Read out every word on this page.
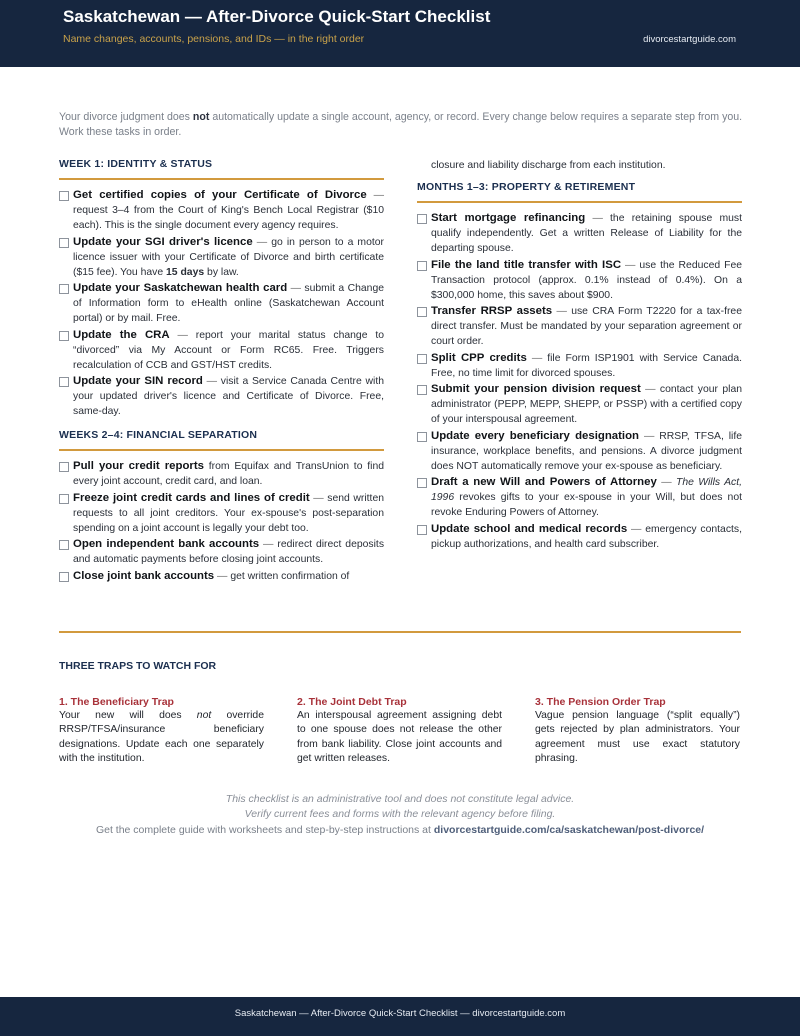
Saskatchewan — After-Divorce Quick-Start Checklist
Name changes, accounts, pensions, and IDs — in the right order	divorcestartguide.com
Your divorce judgment does not automatically update a single account, agency, or record. Every change below requires a separate step from you. Work these tasks in order.
WEEK 1: IDENTITY & STATUS
Get certified copies of your Certificate of Divorce — request 3–4 from the Court of King's Bench Local Registrar ($10 each). This is the single document every agency requires.
Update your SGI driver's licence — go in person to a motor licence issuer with your Certificate of Divorce and birth certificate ($15 fee). You have 15 days by law.
Update your Saskatchewan health card — submit a Change of Information form to eHealth online (Saskatchewan Account portal) or by mail. Free.
Update the CRA — report your marital status change to “divorced” via My Account or Form RC65. Free. Triggers recalculation of CCB and GST/HST credits.
Update your SIN record — visit a Service Canada Centre with your updated driver's licence and Certificate of Divorce. Free, same-day.
WEEKS 2–4: FINANCIAL SEPARATION
Pull your credit reports from Equifax and TransUnion to find every joint account, credit card, and loan.
Freeze joint credit cards and lines of credit — send written requests to all joint creditors. Your ex-spouse's post-separation spending on a joint account is legally your debt too.
Open independent bank accounts — redirect direct deposits and automatic payments before closing joint accounts.
Close joint bank accounts — get written confirmation of
closure and liability discharge from each institution.
MONTHS 1–3: PROPERTY & RETIREMENT
Start mortgage refinancing — the retaining spouse must qualify independently. Get a written Release of Liability for the departing spouse.
File the land title transfer with ISC — use the Reduced Fee Transaction protocol (approx. 0.1% instead of 0.4%). On a $300,000 home, this saves about $900.
Transfer RRSP assets — use CRA Form T2220 for a tax-free direct transfer. Must be mandated by your separation agreement or court order.
Split CPP credits — file Form ISP1901 with Service Canada. Free, no time limit for divorced spouses.
Submit your pension division request — contact your plan administrator (PEPP, MEPP, SHEPP, or PSSP) with a certified copy of your interspousal agreement.
Update every beneficiary designation — RRSP, TFSA, life insurance, workplace benefits, and pensions. A divorce judgment does NOT automatically remove your ex-spouse as beneficiary.
Draft a new Will and Powers of Attorney — The Wills Act, 1996 revokes gifts to your ex-spouse in your Will, but does not revoke Enduring Powers of Attorney.
Update school and medical records — emergency contacts, pickup authorizations, and health card subscriber.
THREE TRAPS TO WATCH FOR
1. The Beneficiary Trap
Your new will does not override RRSP/TFSA/insurance beneficiary designations. Update each one separately with the institution.
2. The Joint Debt Trap
An interspousal agreement assigning debt to one spouse does not release the other from bank liability. Close joint accounts and get written releases.
3. The Pension Order Trap
Vague pension language (“split equally”) gets rejected by plan administrators. Your agreement must use exact statutory phrasing.
This checklist is an administrative tool and does not constitute legal advice.
Verify current fees and forms with the relevant agency before filing.
Get the complete guide with worksheets and step-by-step instructions at divorcestartguide.com/ca/saskatchewan/post-divorce/
Saskatchewan — After-Divorce Quick-Start Checklist — divorcestartguide.com
